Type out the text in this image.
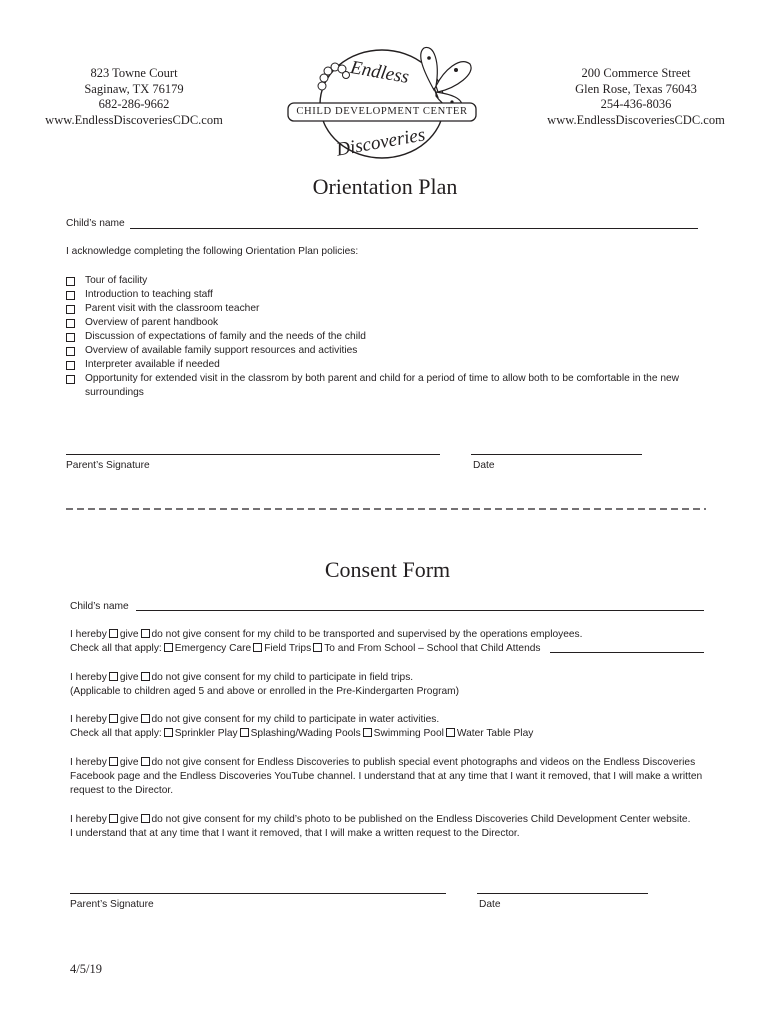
823 Towne Court
Saginaw, TX 76179
682-286-9662
www.EndlessDiscoveriesCDC.com
200 Commerce Street
Glen Rose, Texas 76043
254-436-8036
www.EndlessDiscoveriesCDC.com
Endless
CHILD DEVELOPMENT CENTER
Discoveries
Orientation Plan
Child’s name
I acknowledge completing the following Orientation Plan policies:
Tour of facility
Introduction to teaching staff
Parent visit with the classroom teacher
Overview of parent handbook
Discussion of expectations of family and the needs of the child
Overview of available family support resources and activities
Interpreter available if needed
Opportunity for extended visit in the classrom by both parent and child for a period of time to allow both to be comfortable in the new surroundings
Parent’s Signature	Date
Consent Form
Child’s name
I hereby give do not give consent for my child to be transported and supervised by the operations employees.
Check all that apply: Emergency Care Field Trips To and From School – School that Child Attends
I hereby give do not give consent for my child to participate in field trips.
(Applicable to children aged 5 and above or enrolled in the Pre-Kindergarten Program)
I hereby give do not give consent for my child to participate in water activities.
Check all that apply: Sprinkler Play Splashing/Wading Pools Swimming Pool Water Table Play
I hereby give do not give consent for Endless Discoveries to publish special event photographs and videos on the Endless Discoveries
Facebook page and the Endless Discoveries YouTube channel. I understand that at any time that I want it removed, that I will make a written
request to the Director.
I hereby give do not give consent for my child’s photo to be published on the Endless Discoveries Child Development Center website.
I understand that at any time that I want it removed, that I will make a written request to the Director.
Parent’s Signature	Date
4/5/19
